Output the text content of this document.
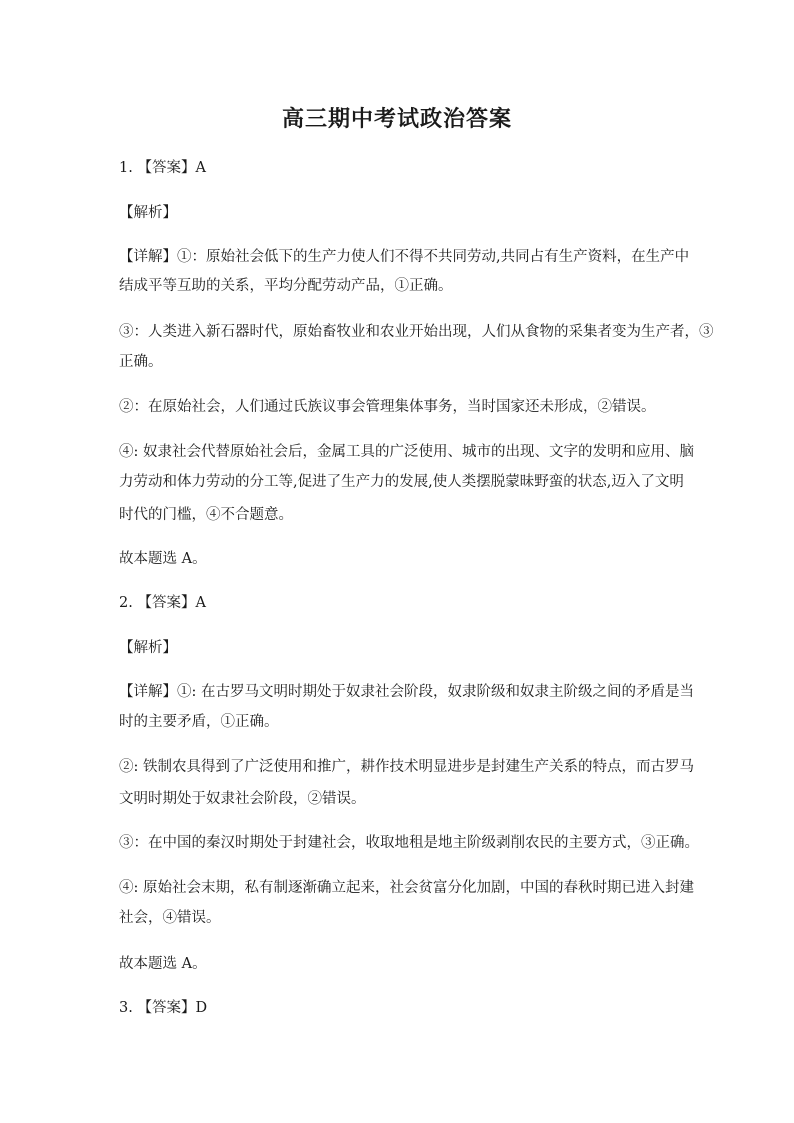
高三期中考试政治答案
1. 【答案】A
【解析】
【详解】①：原始社会低下的生产力使人们不得不共同劳动,共同占有生产资料，在生产中
结成平等互助的关系，平均分配劳动产品，①正确。
③：人类进入新石器时代，原始畜牧业和农业开始出现，人们从食物的采集者变为生产者，③
正确。
②：在原始社会，人们通过氏族议事会管理集体事务，当时国家还未形成，②错误。
④: 奴隶社会代替原始社会后，金属工具的广泛使用、城市的出现、文字的发明和应用、脑
力劳动和体力劳动的分工等,促进了生产力的发展,使人类摆脱蒙昧野蛮的状态,迈入了文明
时代的门槛，④不合题意。
故本题选 A。
2. 【答案】A
【解析】
【详解】①: 在古罗马文明时期处于奴隶社会阶段，奴隶阶级和奴隶主阶级之间的矛盾是当
时的主要矛盾，①正确。
②: 铁制农具得到了广泛使用和推广，耕作技术明显进步是封建生产关系的特点，而古罗马
文明时期处于奴隶社会阶段，②错误。
③：在中国的秦汉时期处于封建社会，收取地租是地主阶级剥削农民的主要方式，③正确。
④: 原始社会末期，私有制逐渐确立起来，社会贫富分化加剧，中国的春秋时期已进入封建
社会，④错误。
故本题选 A。
3. 【答案】D
